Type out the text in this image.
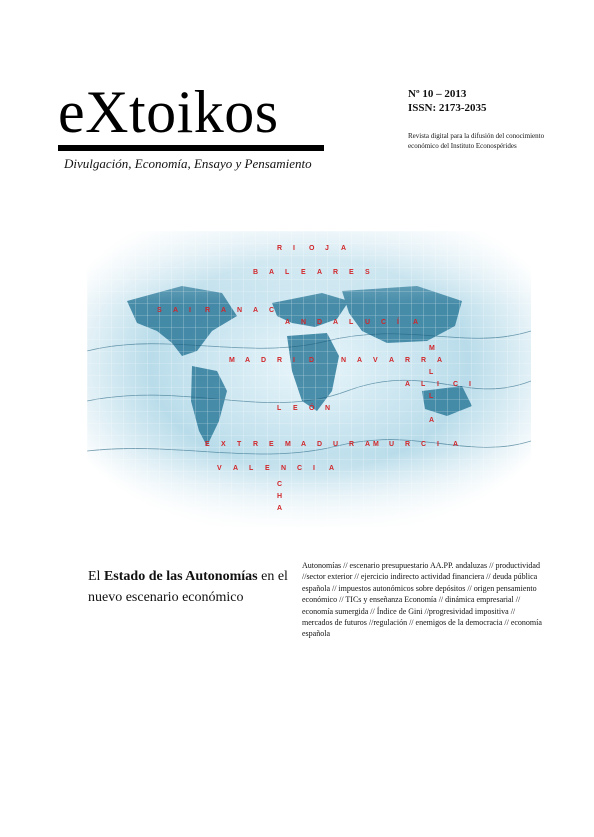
eXtoikos
Divulgación, Economía, Ensayo y Pensamiento
Nº 10 – 2013
ISSN: 2173-2035
Revista digital para la difusión del conocimiento económico del Instituto Econospérides
R I O J A
B A L E A R E S
S A I R A N A C
A N D A L U C Í A
M A D R I D	N A V A R R A
L E Ó N
E X T R E M A D U R A M U R C I A
V A L E N C I A
C
H
A
M
L
L
A
A L I C I
El Estado de las Autonomías en el nuevo escenario económico
Autonomías // escenario presupuestario AA.PP. andaluzas // productividad //sector exterior // ejercicio indirecto actividad financiera // deuda pública española // impuestos autonómicos sobre depósitos // origen pensamiento económico // TICs y enseñanza Economía // dinámica empresarial // economía sumergida // Índice de Gini //progresividad impositiva // mercados de futuros //regulación // enemigos de la democracia // economía española
